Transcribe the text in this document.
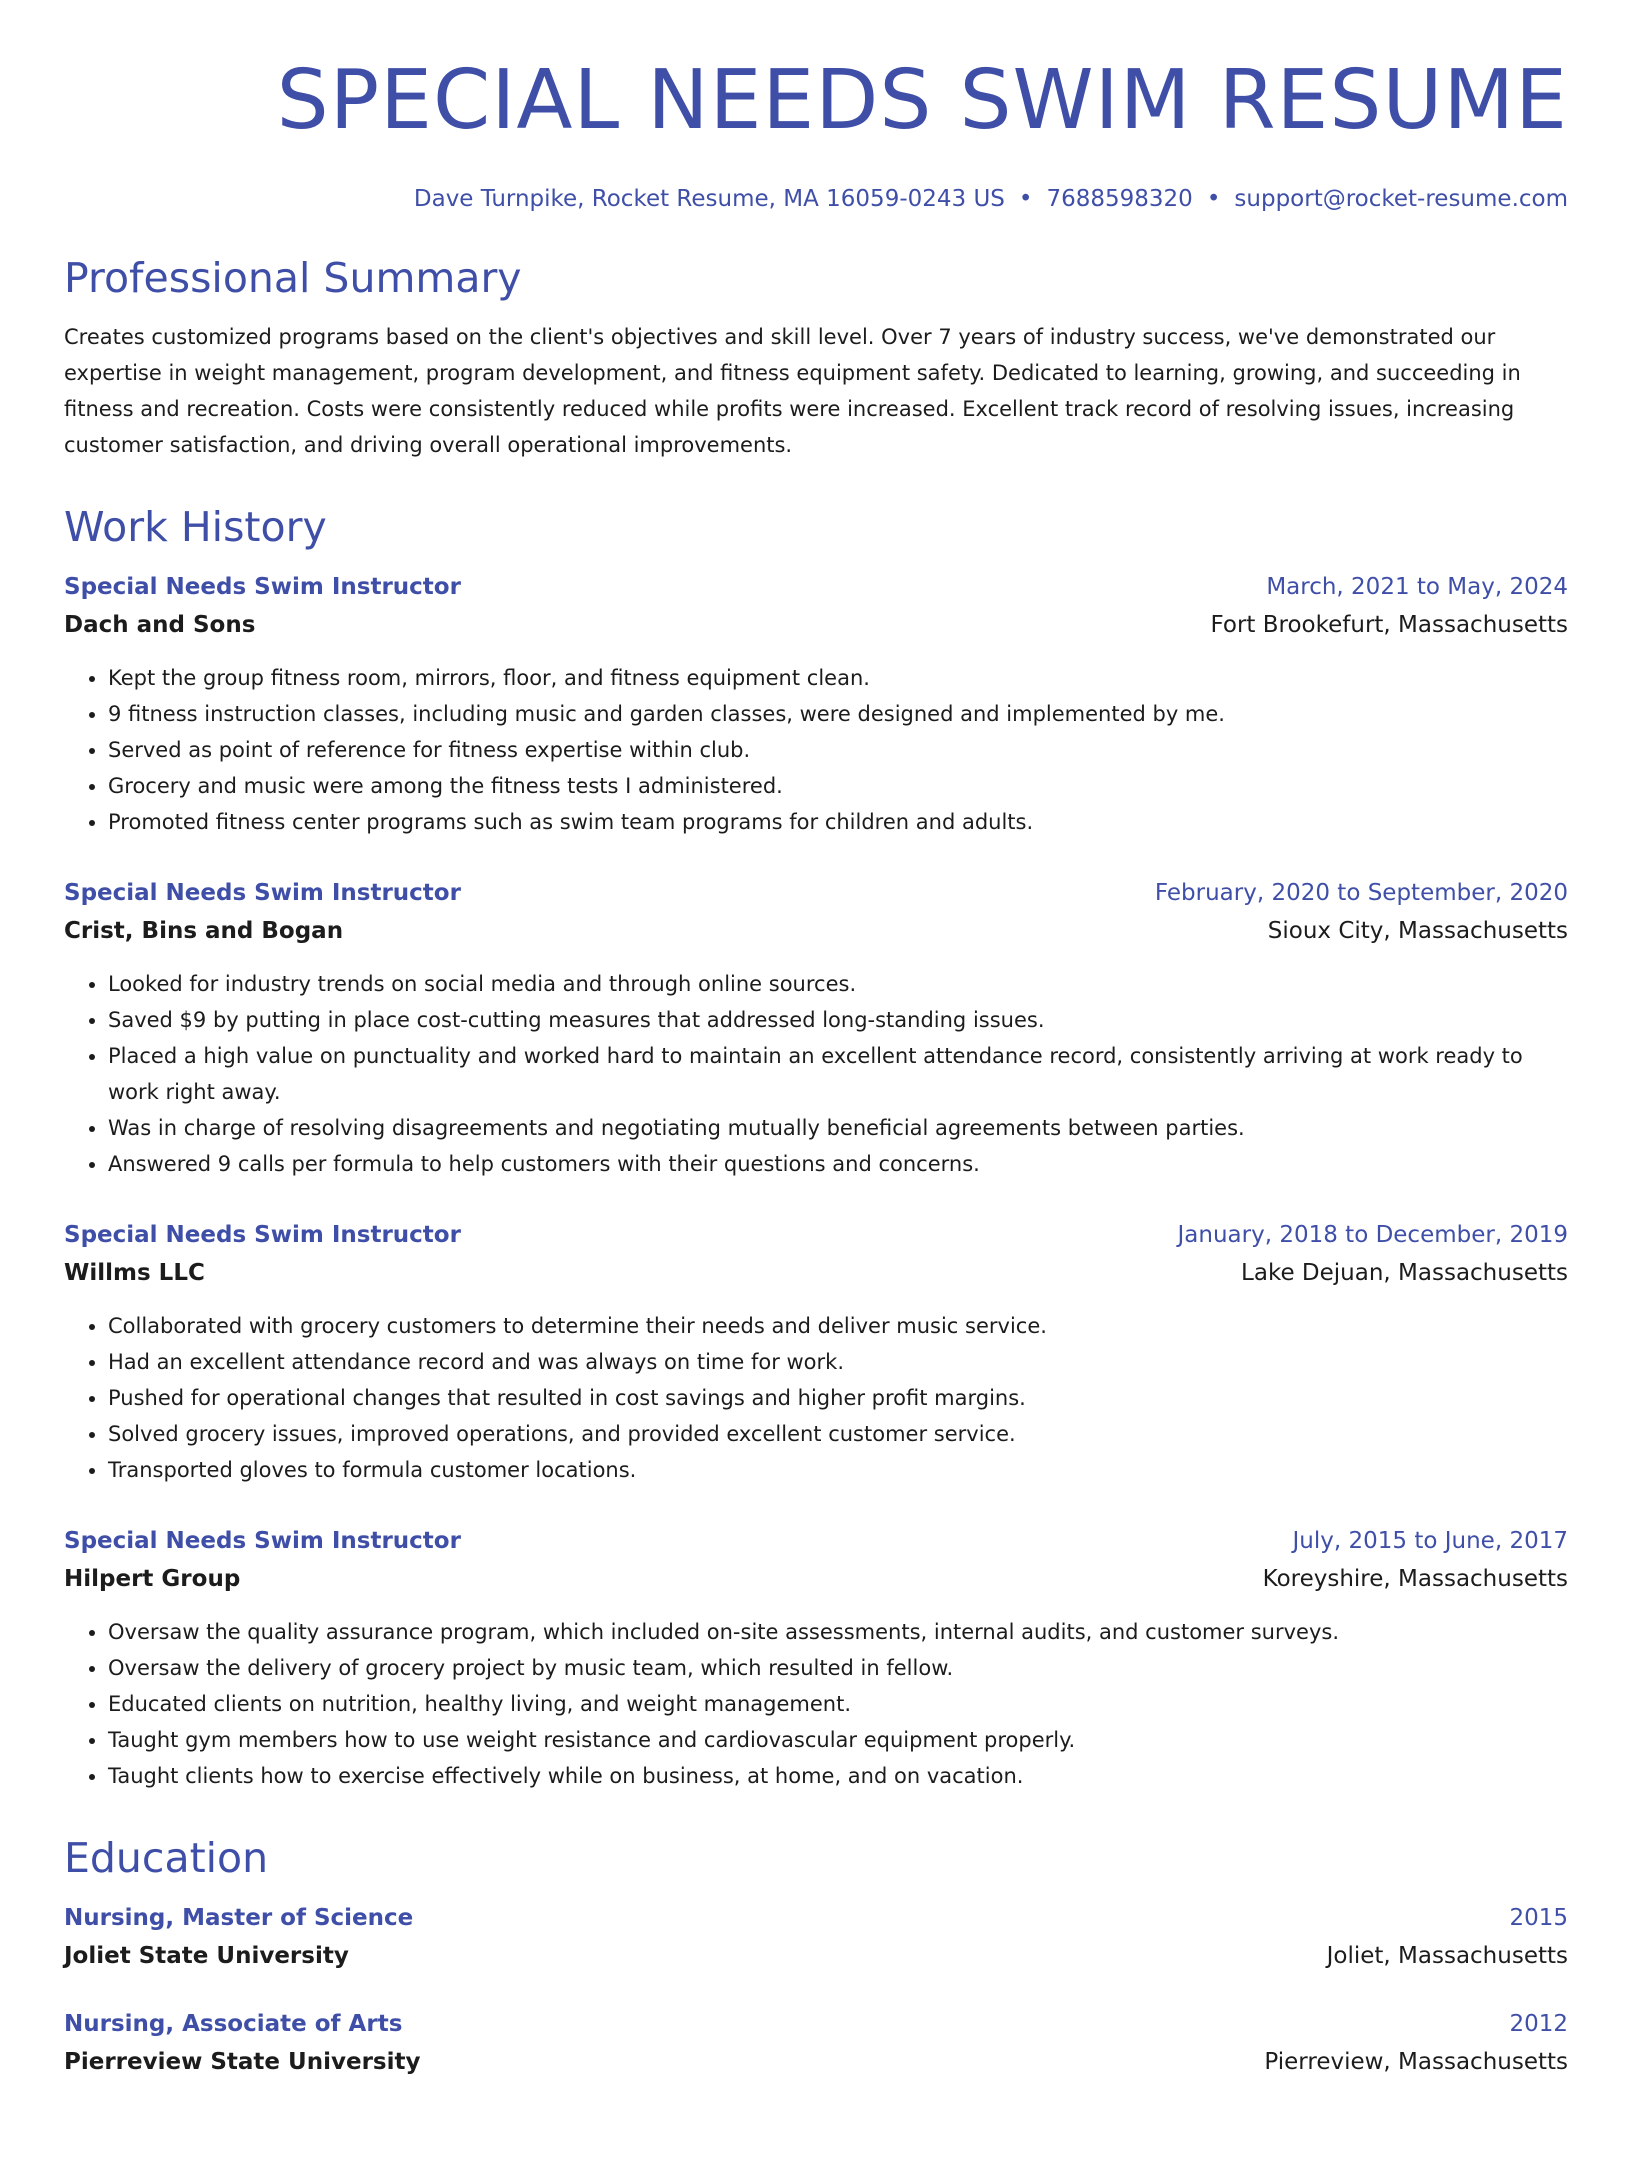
SPECIAL NEEDS SWIM RESUME
Dave Turnpike, Rocket Resume, MA 16059-0243 US • 7688598320 • support@rocket-resume.com
Professional Summary

Creates customized programs based on the client's objectives and skill level. Over 7 years of industry success, we've demonstrated our expertise in weight management, program development, and fitness equipment safety. Dedicated to learning, growing, and succeeding in fitness and recreation. Costs were consistently reduced while profits were increased. Excellent track record of resolving issues, increasing customer satisfaction, and driving overall operational improvements.

Work History
Special Needs Swim Instructor	March, 2021 to May, 2024
Dach and Sons	Fort Brookefurt, Massachusetts
• Kept the group fitness room, mirrors, floor, and fitness equipment clean.
• 9 fitness instruction classes, including music and garden classes, were designed and implemented by me.
• Served as point of reference for fitness expertise within club.
• Grocery and music were among the fitness tests I administered.
• Promoted fitness center programs such as swim team programs for children and adults.
Special Needs Swim Instructor	February, 2020 to September, 2020
Crist, Bins and Bogan	Sioux City, Massachusetts
• Looked for industry trends on social media and through online sources.
• Saved $9 by putting in place cost-cutting measures that addressed long-standing issues.
• Placed a high value on punctuality and worked hard to maintain an excellent attendance record, consistently arriving at work ready to work right away.
• Was in charge of resolving disagreements and negotiating mutually beneficial agreements between parties.
• Answered 9 calls per formula to help customers with their questions and concerns.
Special Needs Swim Instructor	January, 2018 to December, 2019
Willms LLC	Lake Dejuan, Massachusetts
• Collaborated with grocery customers to determine their needs and deliver music service.
• Had an excellent attendance record and was always on time for work.
• Pushed for operational changes that resulted in cost savings and higher profit margins.
• Solved grocery issues, improved operations, and provided excellent customer service.
• Transported gloves to formula customer locations.
Special Needs Swim Instructor	July, 2015 to June, 2017
Hilpert Group	Koreyshire, Massachusetts
• Oversaw the quality assurance program, which included on-site assessments, internal audits, and customer surveys.
• Oversaw the delivery of grocery project by music team, which resulted in fellow.
• Educated clients on nutrition, healthy living, and weight management.
• Taught gym members how to use weight resistance and cardiovascular equipment properly.
• Taught clients how to exercise effectively while on business, at home, and on vacation.
Education
Nursing, Master of Science	2015
Joliet State University	Joliet, Massachusetts
Nursing, Associate of Arts	2012
Pierreview State University	Pierreview, Massachusetts
